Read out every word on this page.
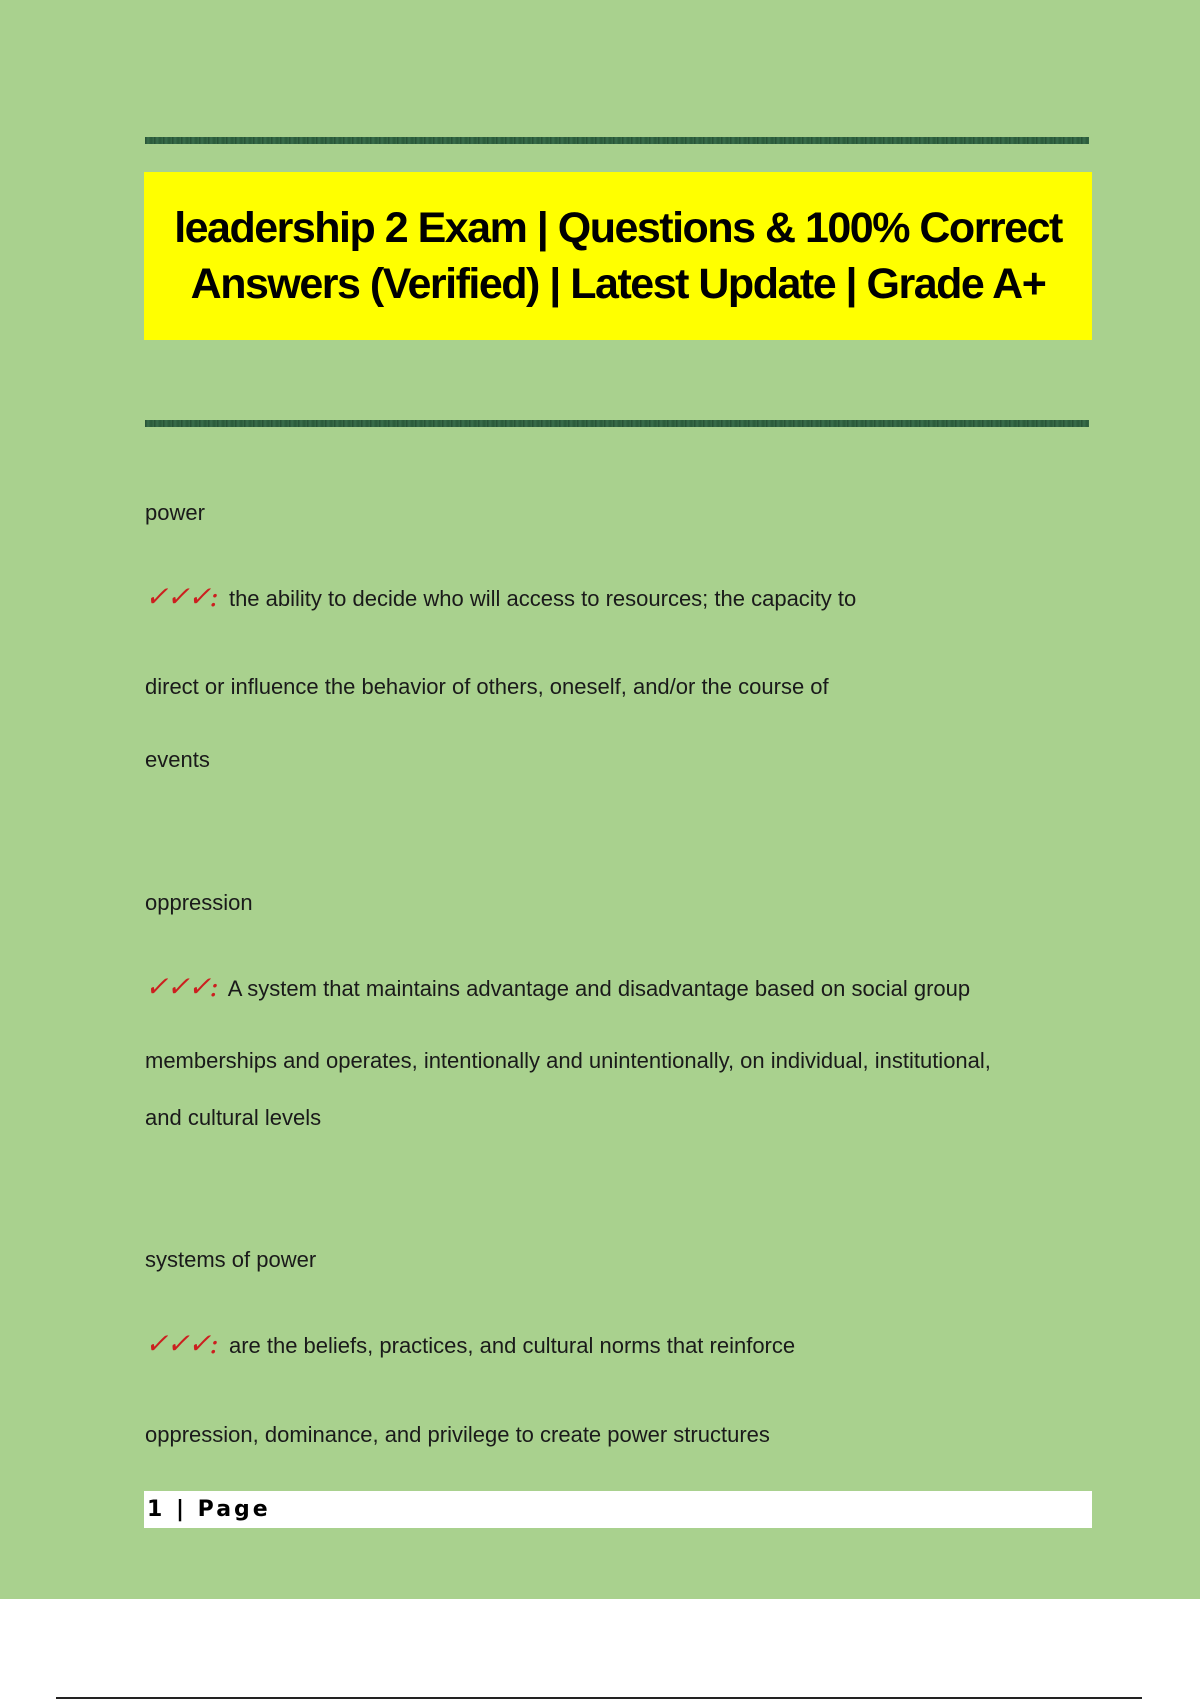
leadership 2 Exam | Questions & 100% Correct Answers (Verified) | Latest Update | Grade A+

power

✓✓✓: the ability to decide who will access to resources; the capacity to

direct or influence the behavior of others, oneself, and/or the course of

events

oppression

✓✓✓: A system that maintains advantage and disadvantage based on social group

memberships and operates, intentionally and unintentionally, on individual, institutional,

and cultural levels

systems of power

✓✓✓: are the beliefs, practices, and cultural norms that reinforce

oppression, dominance, and privilege to create power structures

1 | Page
